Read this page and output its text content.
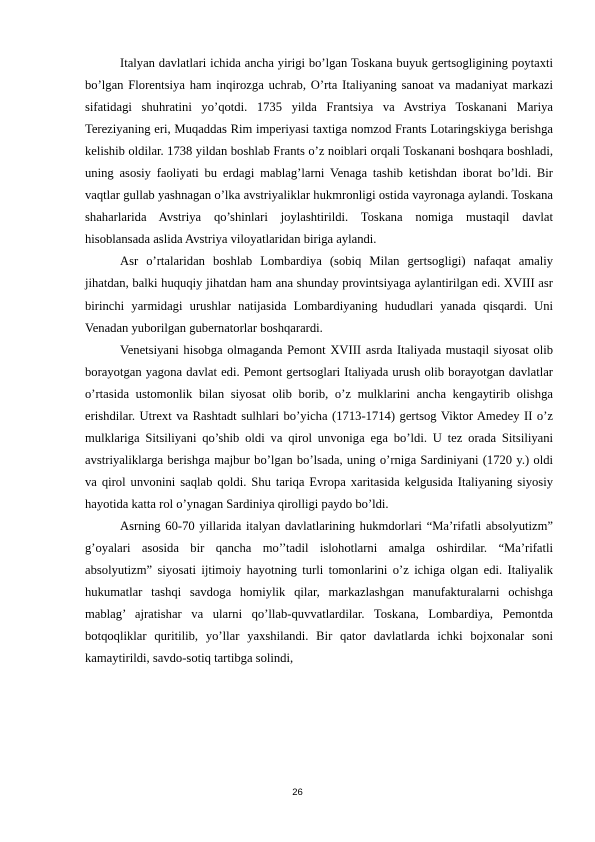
Italyan davlatlari ichida ancha yirigi bo’lgan Toskana buyuk gertsogligining poytaxti bo’lgan Florentsiya ham inqirozga uchrab, O’rta Italiyaning sanoat va madaniyat markazi sifatidagi shuhratini yo’qotdi. 1735 yilda Frantsiya va Avstriya Toskanani Mariya Tereziyaning eri, Muqaddas Rim imperiyasi taxtiga nomzod Frants Lotaringskiyga berishga kelishib oldilar. 1738 yildan boshlab Frants o’z noiblari orqali Toskanani boshqara boshladi, uning asosiy faoliyati bu erdagi mablag’larni Venaga tashib ketishdan iborat bo’ldi. Bir vaqtlar gullab yashnagan o’lka avstriyaliklar hukmronligi ostida vayronaga aylandi. Toskana shaharlarida Avstriya qo’shinlari joylashtirildi. Toskana nomiga mustaqil davlat hisoblansada aslida Avstriya viloyatlaridan biriga aylandi.

Asr o’rtalaridan boshlab Lombardiya (sobiq Milan gertsogligi) nafaqat amaliy jihatdan, balki huquqiy jihatdan ham ana shunday provintsiyaga aylantirilgan edi. XVIII asr birinchi yarmidagi urushlar natijasida Lombardiyaning hududlari yanada qisqardi. Uni Venadan yuborilgan gubernatorlar boshqarardi.

Venetsiyani hisobga olmaganda Pemont XVIII asrda Italiyada mustaqil siyosat olib borayotgan yagona davlat edi. Pemont gertsoglari Italiyada urush olib borayotgan davlatlar o’rtasida ustomonlik bilan siyosat olib borib, o’z mulklarini ancha kengaytirib olishga erishdilar. Utrext va Rashtadt sulhlari bo’yicha (1713-1714) gertsog Viktor Amedey II o’z mulklariga Sitsiliyani qo’shib oldi va qirol unvoniga ega bo’ldi. U tez orada Sitsiliyani avstriyaliklarga berishga majbur bo’lgan bo’lsada, uning o’rniga Sardiniyani (1720 y.) oldi va qirol unvonini saqlab qoldi. Shu tariqa Evropa xaritasida kelgusida Italiyaning siyosiy hayotida katta rol o’ynagan Sardiniya qirolligi paydo bo’ldi.

Asrning 60-70 yillarida italyan davlatlarining hukmdorlari “Ma’rifatli absolyutizm” g’oyalari asosida bir qancha mo’’tadil islohotlarni amalga oshirdilar. “Ma’rifatli absolyutizm” siyosati ijtimoiy hayotning turli tomonlarini o’z ichiga olgan edi. Italiyalik hukumatlar tashqi savdoga homiylik qilar, markazlashgan manufakturalarni ochishga mablag’ ajratishar va ularni qo’llab-quvvatlardilar. Toskana, Lombardiya, Pemontda botqoqliklar quritilib, yo’llar yaxshilandi. Bir qator davlatlarda ichki bojxonalar soni kamaytirildi, savdo-sotiq tartibga solindi,

26
